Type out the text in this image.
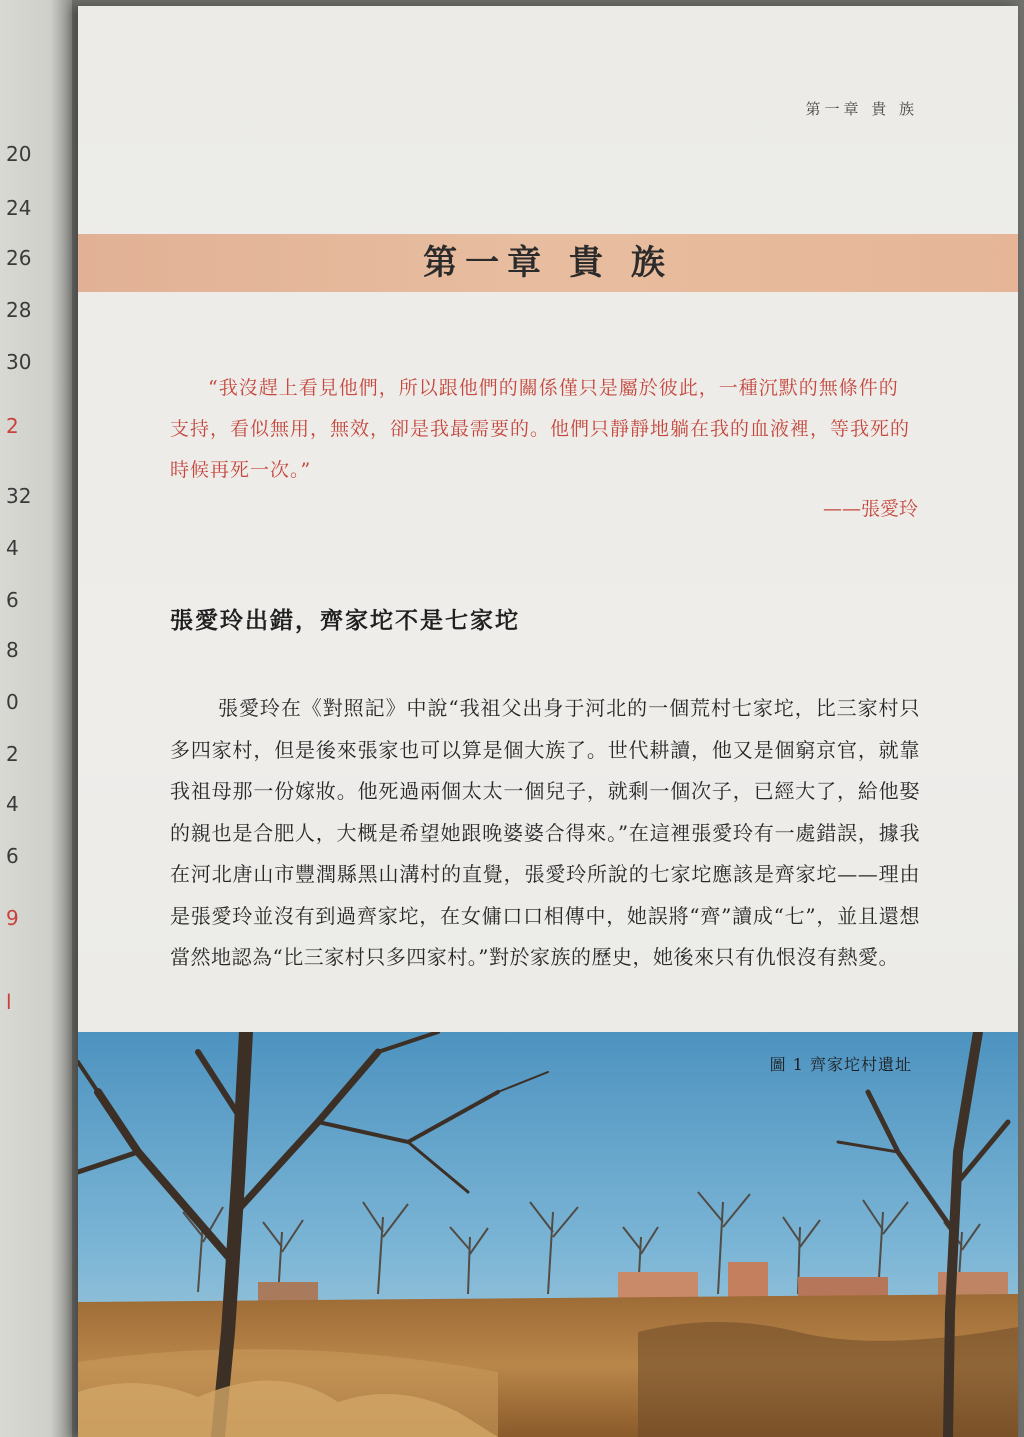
20
24
26
28
30
2
32
4
6
8
0
2
4
6
9
l
第一章 貴 族
第一章 貴 族

“我沒趕上看見他們，所以跟他們的關係僅只是屬於彼此，一種沉默的無條件的支持，看似無用，無效，卻是我最需要的。他們只靜靜地躺在我的血液裡，等我死的時候再死一次。”

——張愛玲
張愛玲出錯，齊家坨不是七家坨

張愛玲在《對照記》中說“我祖父出身于河北的一個荒村七家坨，比三家村只多四家村，但是後來張家也可以算是個大族了。世代耕讀，他又是個窮京官，就靠我祖母那一份嫁妝。他死過兩個太太一個兒子，就剩一個次子，已經大了，給他娶的親也是合肥人，大概是希望她跟晚婆婆合得來。”在這裡張愛玲有一處錯誤，據我在河北唐山市豐潤縣黑山溝村的直覺，張愛玲所說的七家坨應該是齊家坨——理由是張愛玲並沒有到過齊家坨，在女傭口口相傳中，她誤將“齊”讀成“七”，並且還想當然地認為“比三家村只多四家村。”對於家族的歷史，她後來只有仇恨沒有熱愛。

圖 1 齊家坨村遺址
